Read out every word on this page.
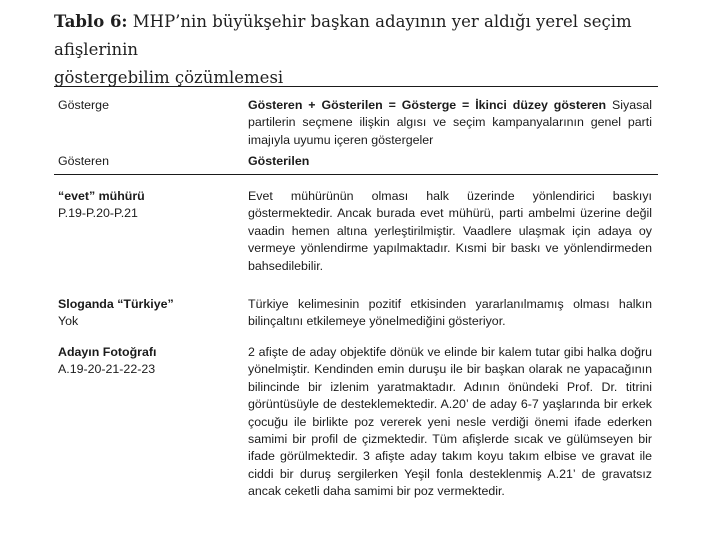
Tablo 6: MHP’nin büyükşehir başkan adayının yer aldığı yerel seçim afişlerinin
göstergebilim çözümlemesi
Gösterge	Gösteren + Gösterilen = Gösterge = İkinci düzey gösteren Siyasal partilerin seçmene ilişkin algısı ve seçim kampanyalarının genel parti imajıyla uyumu içeren göstergeler
Gösteren	Gösterilen
“evet” mühürü
P.19-P.20-P.21
Evet mühürünün olması halk üzerinde yönlendirici baskıyı göstermektedir. Ancak burada evet mühürü, parti ambelmi üzerine değil vaadin hemen altına yerleştirilmiştir. Vaadlere ulaşmak için adaya oy vermeye yönlendirme yapılmaktadır. Kısmi bir baskı ve yönlendirmeden bahsedilebilir.
Sloganda “Türkiye”
Yok
Türkiye kelimesinin pozitif etkisinden yararlanılmamış olması halkın bilinçaltını etkilemeye yönelmediğini gösteriyor.
Adayın Fotoğrafı
A.19-20-21-22-23
2 afişte de aday objektife dönük ve elinde bir kalem tutar gibi halka doğru yönelmiştir. Kendinden emin duruşu ile bir başkan olarak ne yapacağının bilincinde bir izlenim yaratmaktadır. Adının önündeki Prof. Dr. titrini görüntüsüyle de desteklemektedir. A.20’ de aday 6-7 yaşlarında bir erkek çocuğu ile birlikte poz vererek yeni nesle verdiği önemi ifade ederken samimi bir profil de çizmektedir. Tüm afişlerde sıcak ve gülümseyen bir ifade görülmektedir. 3 afişte aday takım koyu takım elbise ve gravat ile ciddi bir duruş sergilerken Yeşil fonla desteklenmiş A.21’ de gravatsız ancak ceketli daha samimi bir poz vermektedir.
